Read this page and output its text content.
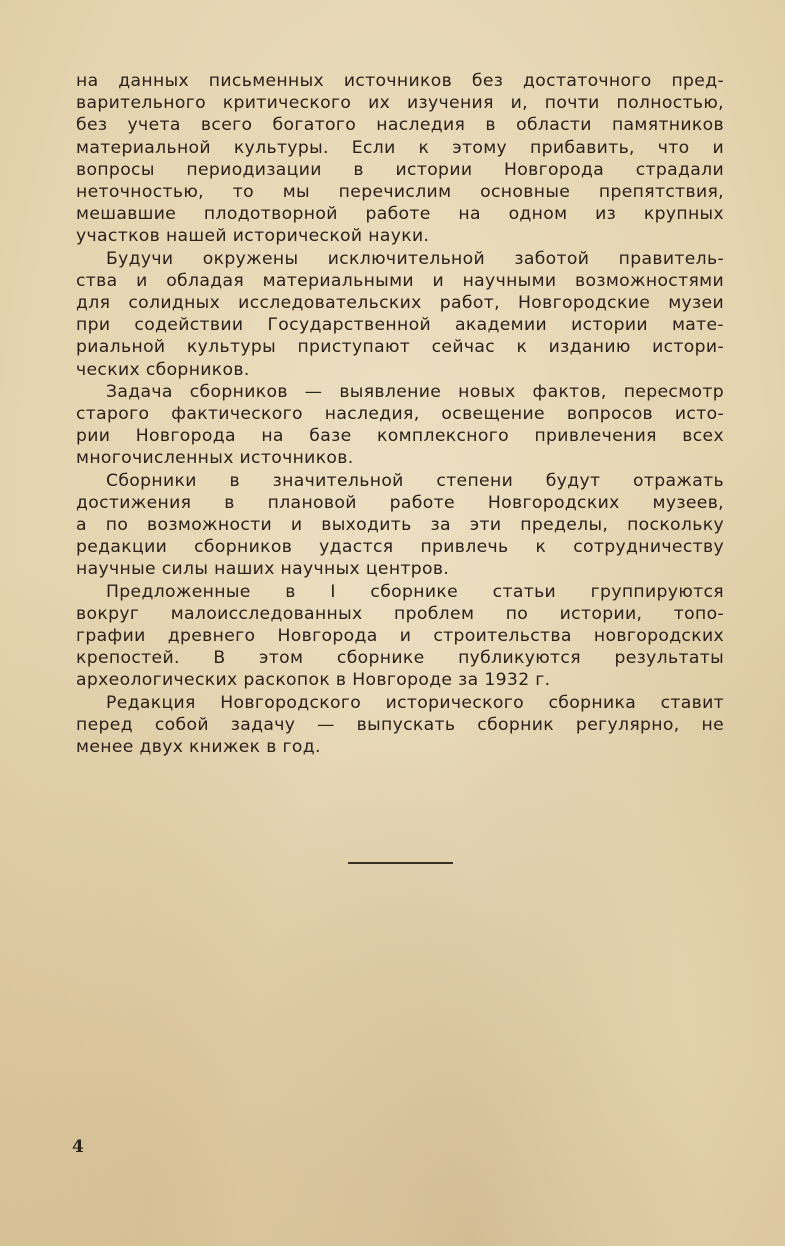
на данных письменных источников без достаточного пред-
варительного критического их изучения и, почти полностью,
без учета всего богатого наследия в области памятников
материальной культуры. Если к этому прибавить, что и
вопросы периодизации в истории Новгорода страдали
неточностью, то мы перечислим основные препятствия,
мешавшие плодотворной работе на одном из крупных
участков нашей исторической науки.

Будучи окружены исключительной заботой правитель-
ства и обладая материальными и научными возможностями
для солидных исследовательских работ, Новгородские музеи
при содействии Государственной академии истории мате-
риальной культуры приступают сейчас к изданию истори-
ческих сборников.

Задача сборников — выявление новых фактов, пересмотр
старого фактического наследия, освещение вопросов исто-
рии Новгорода на базе комплексного привлечения всех
многочисленных источников.

Сборники в значительной степени будут отражать
достижения в плановой работе Новгородских музеев,
а по возможности и выходить за эти пределы, поскольку
редакции сборников удастся привлечь к сотрудничеству
научные силы наших научных центров.

Предложенные в I сборнике статьи группируются
вокруг малоисследованных проблем по истории, топо-
графии древнего Новгорода и строительства новгородских
крепостей. В этом сборнике публикуются результаты
археологических раскопок в Новгороде за 1932 г.

Редакция Новгородского исторического сборника ставит
перед собой задачу — выпускать сборник регулярно, не
менее двух книжек в год.

4
